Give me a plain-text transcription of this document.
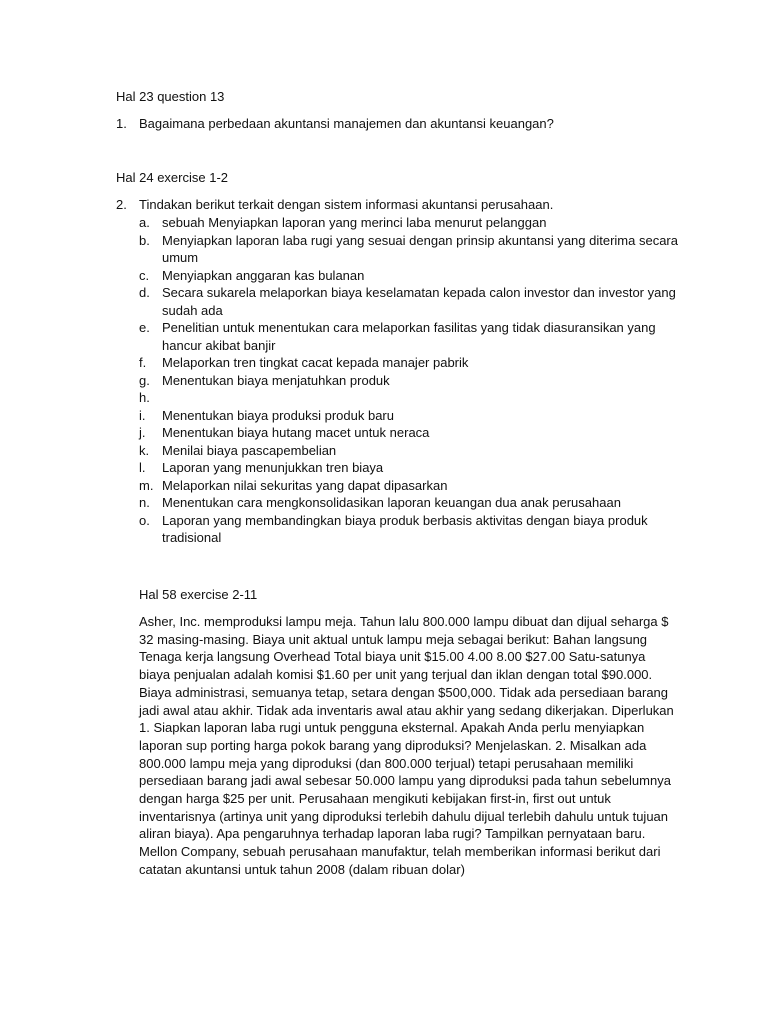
Hal 23 question 13
1. Bagaimana perbedaan akuntansi manajemen dan akuntansi keuangan?
Hal 24 exercise 1-2
2. Tindakan berikut terkait dengan sistem informasi akuntansi perusahaan.
a. sebuah Menyiapkan laporan yang merinci laba menurut pelanggan
b. Menyiapkan laporan laba rugi yang sesuai dengan prinsip akuntansi yang diterima secara umum
c. Menyiapkan anggaran kas bulanan
d. Secara sukarela melaporkan biaya keselamatan kepada calon investor dan investor yang sudah ada
e. Penelitian untuk menentukan cara melaporkan fasilitas yang tidak diasuransikan yang hancur akibat banjir
f. Melaporkan tren tingkat cacat kepada manajer pabrik
g. Menentukan biaya menjatuhkan produk
h.
i. Menentukan biaya produksi produk baru
j. Menentukan biaya hutang macet untuk neraca
k. Menilai biaya pascapembelian
l. Laporan yang menunjukkan tren biaya
m. Melaporkan nilai sekuritas yang dapat dipasarkan
n. Menentukan cara mengkonsolidasikan laporan keuangan dua anak perusahaan
o. Laporan yang membandingkan biaya produk berbasis aktivitas dengan biaya produk tradisional
Hal 58 exercise 2-11

Asher, Inc. memproduksi lampu meja. Tahun lalu 800.000 lampu dibuat dan dijual seharga $ 32 masing-masing. Biaya unit aktual untuk lampu meja sebagai berikut: Bahan langsung Tenaga kerja langsung Overhead Total biaya unit $15.00 4.00 8.00 $27.00 Satu-satunya biaya penjualan adalah komisi $1.60 per unit yang terjual dan iklan dengan total $90.000. Biaya administrasi, semuanya tetap, setara dengan $500,000. Tidak ada persediaan barang jadi awal atau akhir. Tidak ada inventaris awal atau akhir yang sedang dikerjakan. Diperlukan 1. Siapkan laporan laba rugi untuk pengguna eksternal. Apakah Anda perlu menyiapkan laporan sup porting harga pokok barang yang diproduksi? Menjelaskan. 2. Misalkan ada 800.000 lampu meja yang diproduksi (dan 800.000 terjual) tetapi perusahaan memiliki persediaan barang jadi awal sebesar 50.000 lampu yang diproduksi pada tahun sebelumnya dengan harga $25 per unit. Perusahaan mengikuti kebijakan first-in, first out untuk inventarisnya (artinya unit yang diproduksi terlebih dahulu dijual terlebih dahulu untuk tujuan aliran biaya). Apa pengaruhnya terhadap laporan laba rugi? Tampilkan pernyataan baru. Mellon Company, sebuah perusahaan manufaktur, telah memberikan informasi berikut dari catatan akuntansi untuk tahun 2008 (dalam ribuan dolar)
